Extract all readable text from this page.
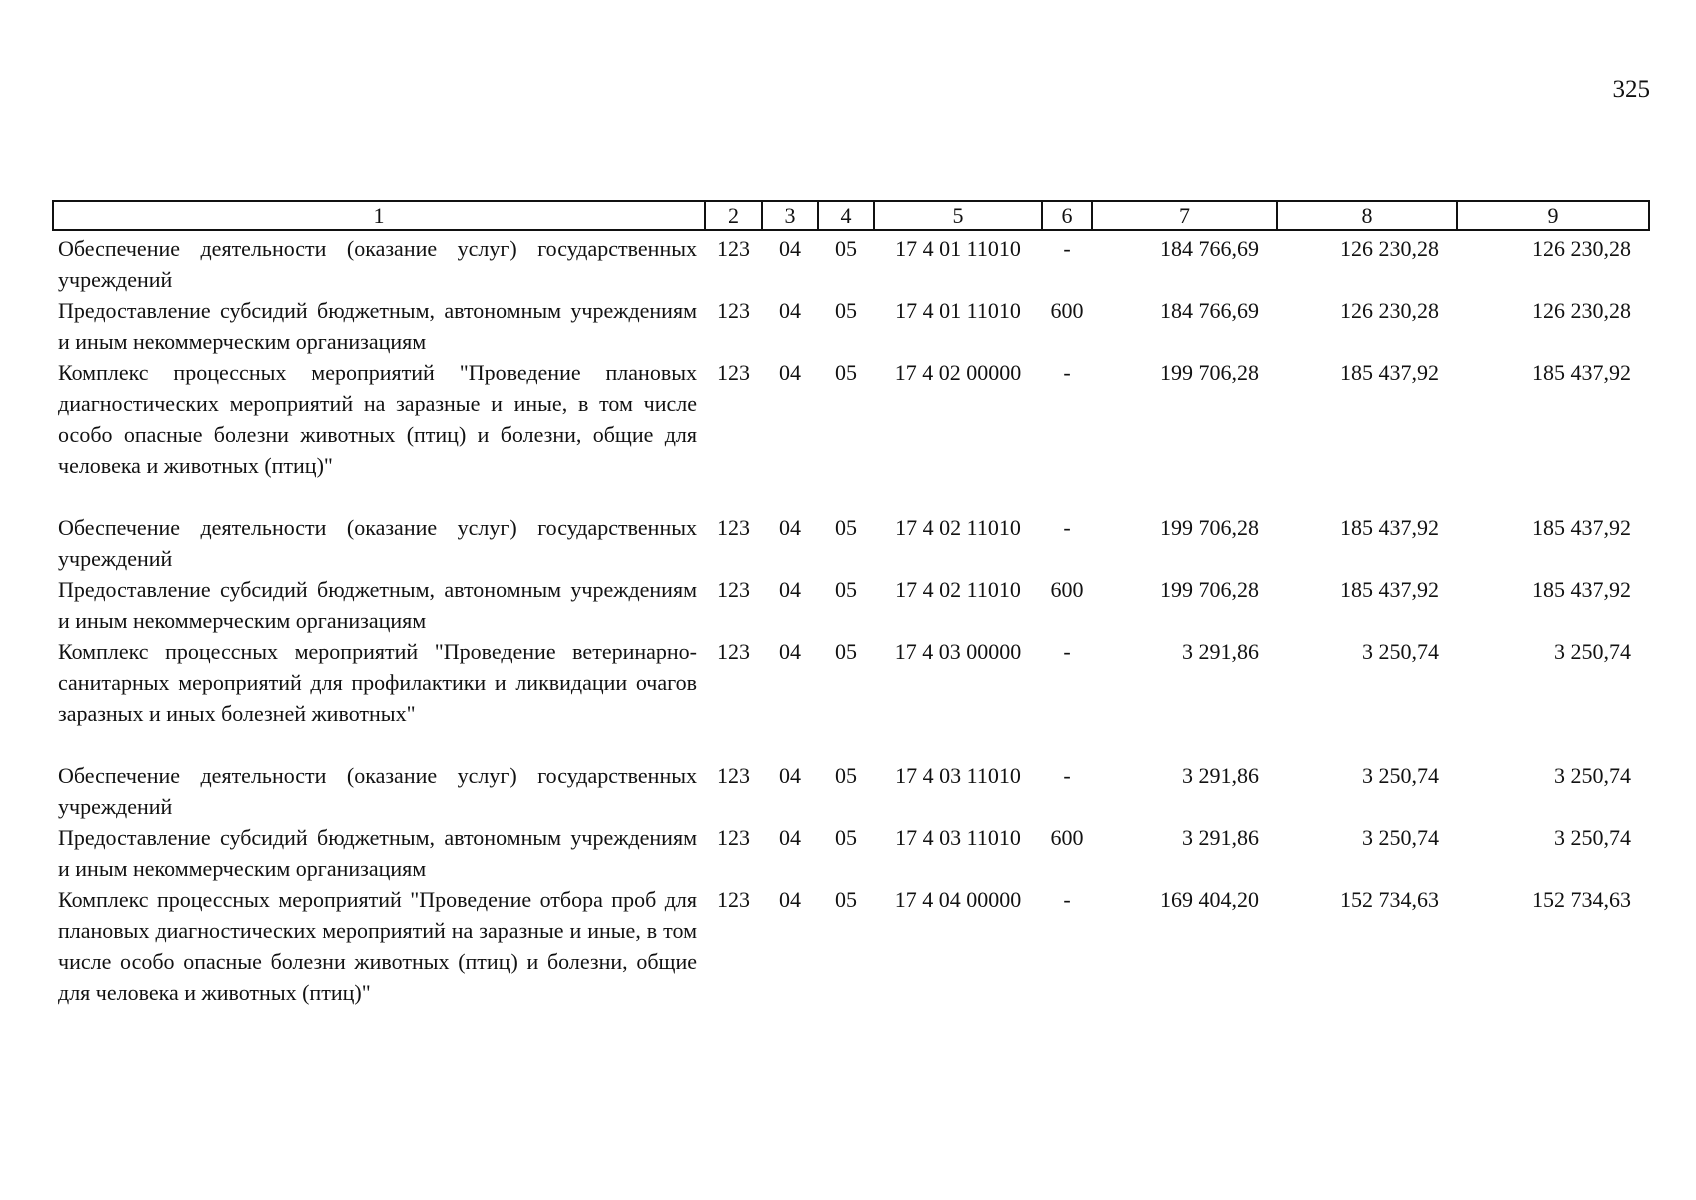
325
1	2	3	4	5	6	7	8	9
Обеспечение деятельности (оказание услуг) государственных учреждений	123	04	05	17 4 01 11010	-	184 766,69	126 230,28	126 230,28
Предоставление субсидий бюджетным, автономным учреждениям и иным некоммерческим организациям	123	04	05	17 4 01 11010	600	184 766,69	126 230,28	126 230,28
Комплекс процессных мероприятий "Проведение плановых диагностических мероприятий на заразные и иные, в том числе особо опасные болезни животных (птиц) и болезни, общие для человека и животных (птиц)"	123	04	05	17 4 02 00000	-	199 706,28	185 437,92	185 437,92
Обеспечение деятельности (оказание услуг) государственных учреждений	123	04	05	17 4 02 11010	-	199 706,28	185 437,92	185 437,92
Предоставление субсидий бюджетным, автономным учреждениям и иным некоммерческим организациям	123	04	05	17 4 02 11010	600	199 706,28	185 437,92	185 437,92
Комплекс процессных мероприятий "Проведение ветеринарно-санитарных мероприятий для профилактики и ликвидации очагов заразных и иных болезней животных"	123	04	05	17 4 03 00000	-	3 291,86	3 250,74	3 250,74
Обеспечение деятельности (оказание услуг) государственных учреждений	123	04	05	17 4 03 11010	-	3 291,86	3 250,74	3 250,74
Предоставление субсидий бюджетным, автономным учреждениям и иным некоммерческим организациям	123	04	05	17 4 03 11010	600	3 291,86	3 250,74	3 250,74
Комплекс процессных мероприятий "Проведение отбора проб для плановых диагностических мероприятий на заразные и иные, в том числе особо опасные болезни животных (птиц) и болезни, общие для человека и животных (птиц)"	123	04	05	17 4 04 00000	-	169 404,20	152 734,63	152 734,63
